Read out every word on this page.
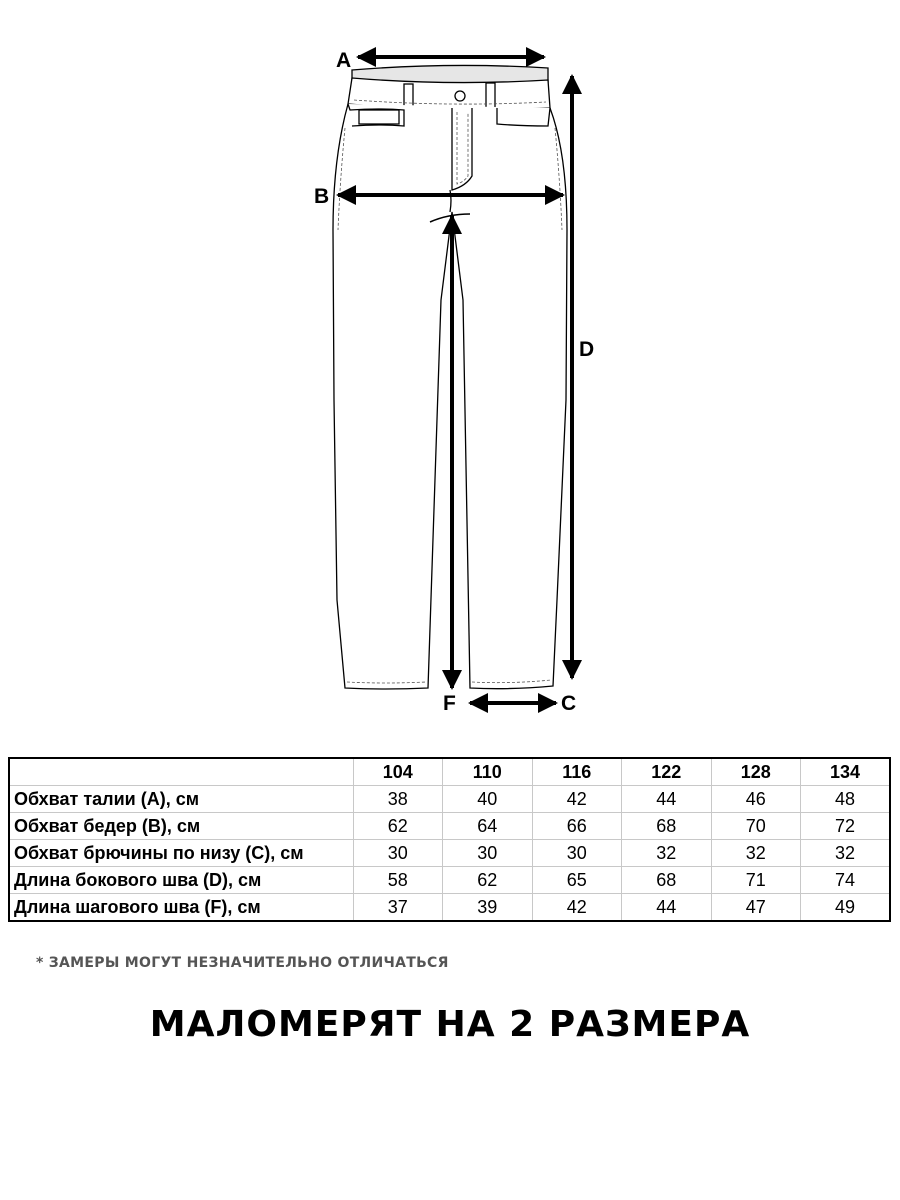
A
B
D
F	C
	104	110	116	122	128	134
Обхват талии (А), см	38	40	42	44	46	48
Обхват бедер (В), см	62	64	66	68	70	72
Обхват брючины по низу (С), см	30	30	30	32	32	32
Длина бокового шва (D), см	58	62	65	68	71	74
Длина шагового шва (F), см	37	39	42	44	47	49
* ЗАМЕРЫ МОГУТ НЕЗНАЧИТЕЛЬНО ОТЛИЧАТЬСЯ
МАЛОМЕРЯТ НА 2 РАЗМЕРА
